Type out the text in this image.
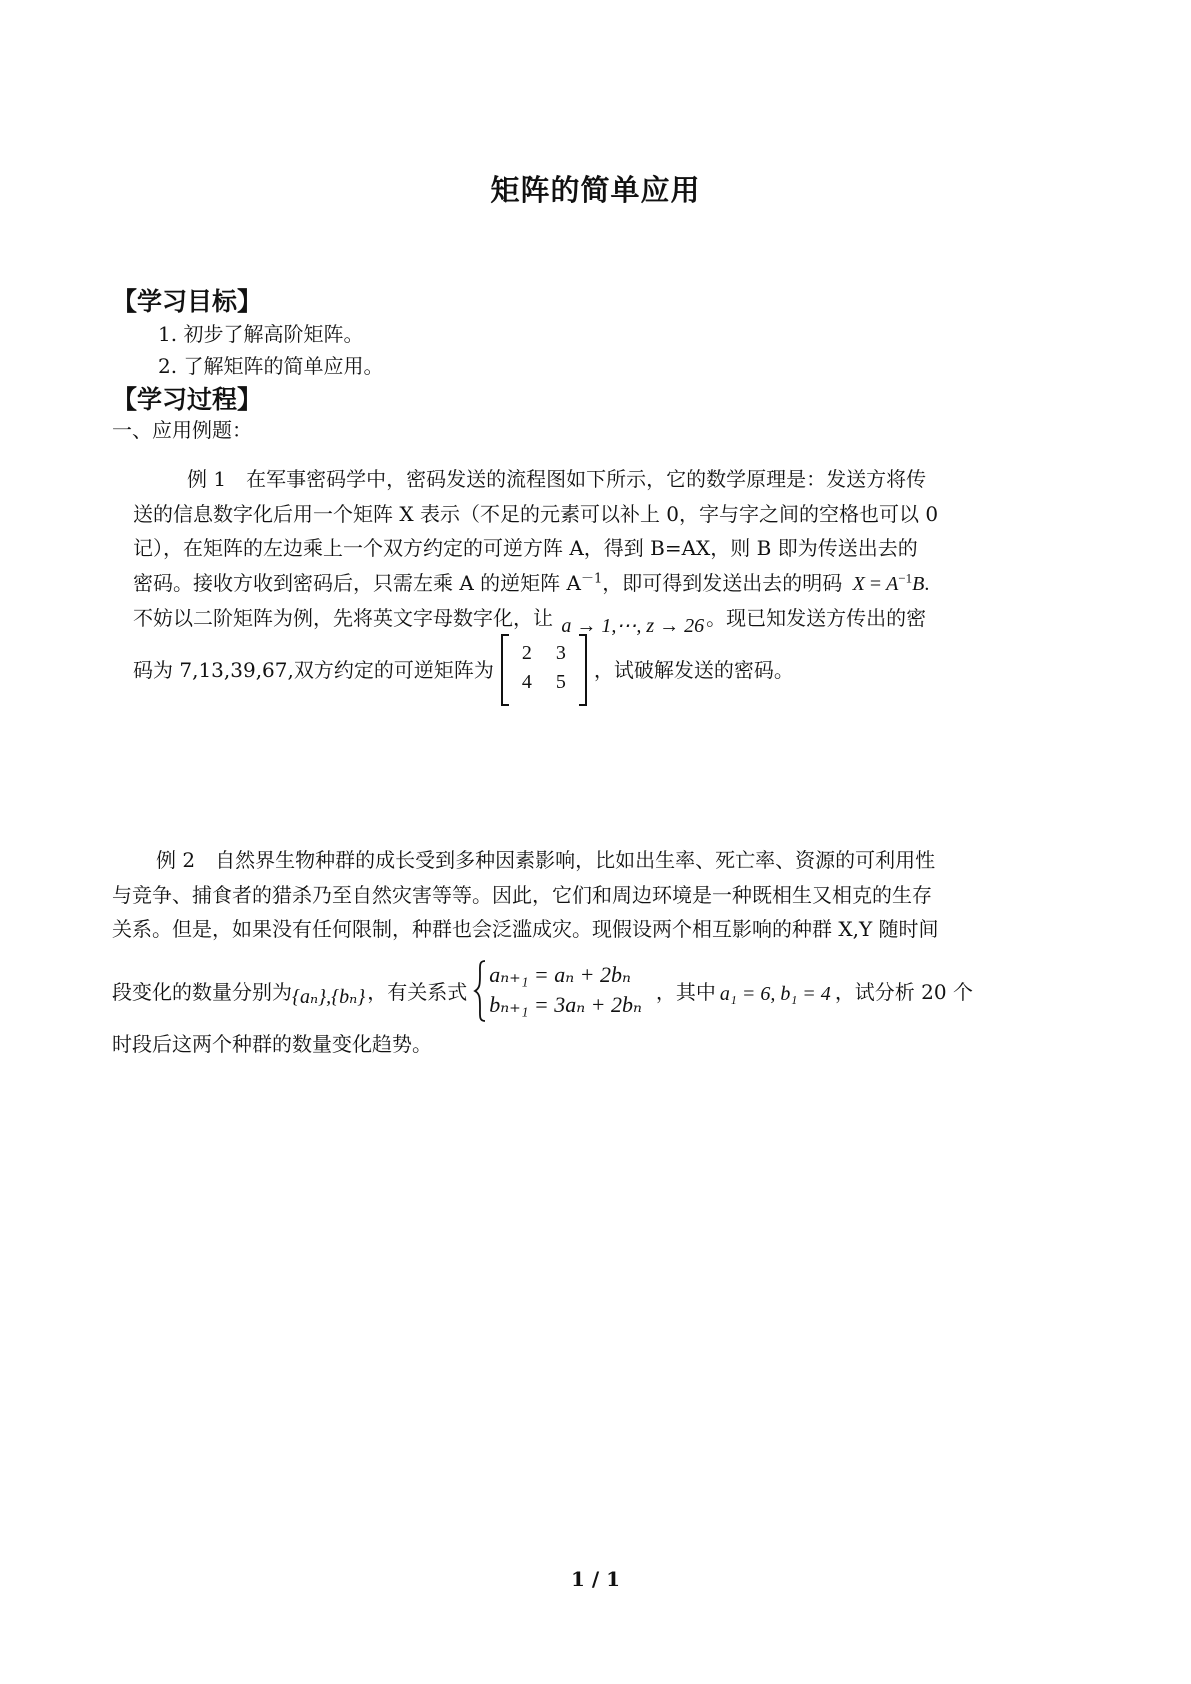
矩阵的简单应用
【学习目标】
1. 初步了解高阶矩阵。
2. 了解矩阵的简单应用。
【学习过程】
一、应用例题：
例 1　在军事密码学中，密码发送的流程图如下所示，它的数学原理是：发送方将传
送的信息数字化后用一个矩阵 X 表示（不足的元素可以补上 0，字与字之间的空格也可以 0
记），在矩阵的左边乘上一个双方约定的可逆方阵 A，得到 B=AX，则 B 即为传送出去的
密码。接收方收到密码后，只需左乘 A 的逆矩阵 $A^{-1}$，即可得到发送出去的明码 $X = A^{-1}B$.
不妨以二阶矩阵为例，先将英文字母数字化，让 a → 1,⋯, z → 26 。现已知发送方传出的密
码为 7,13,39,67,双方约定的可逆矩阵为
2	3
4	5
，试破解发送的密码。
例 2　自然界生物种群的成长受到多种因素影响，比如出生率、死亡率、资源的可利用性
与竞争、捕食者的猎杀乃至自然灾害等等。因此，它们和周边环境是一种既相生又相克的生存
关系。但是，如果没有任何限制，种群也会泛滥成灾。现假设两个相互影响的种群 X,Y 随时间
段变化的数量分别为 {aₙ},{bₙ} ，有关系式
aₙ₊₁ = aₙ + 2bₙ
bₙ₊₁ = 3aₙ + 2bₙ
，其中 a₁ = 6, b₁ = 4 ，试分析 20 个
时段后这两个种群的数量变化趋势。
1 / 1
